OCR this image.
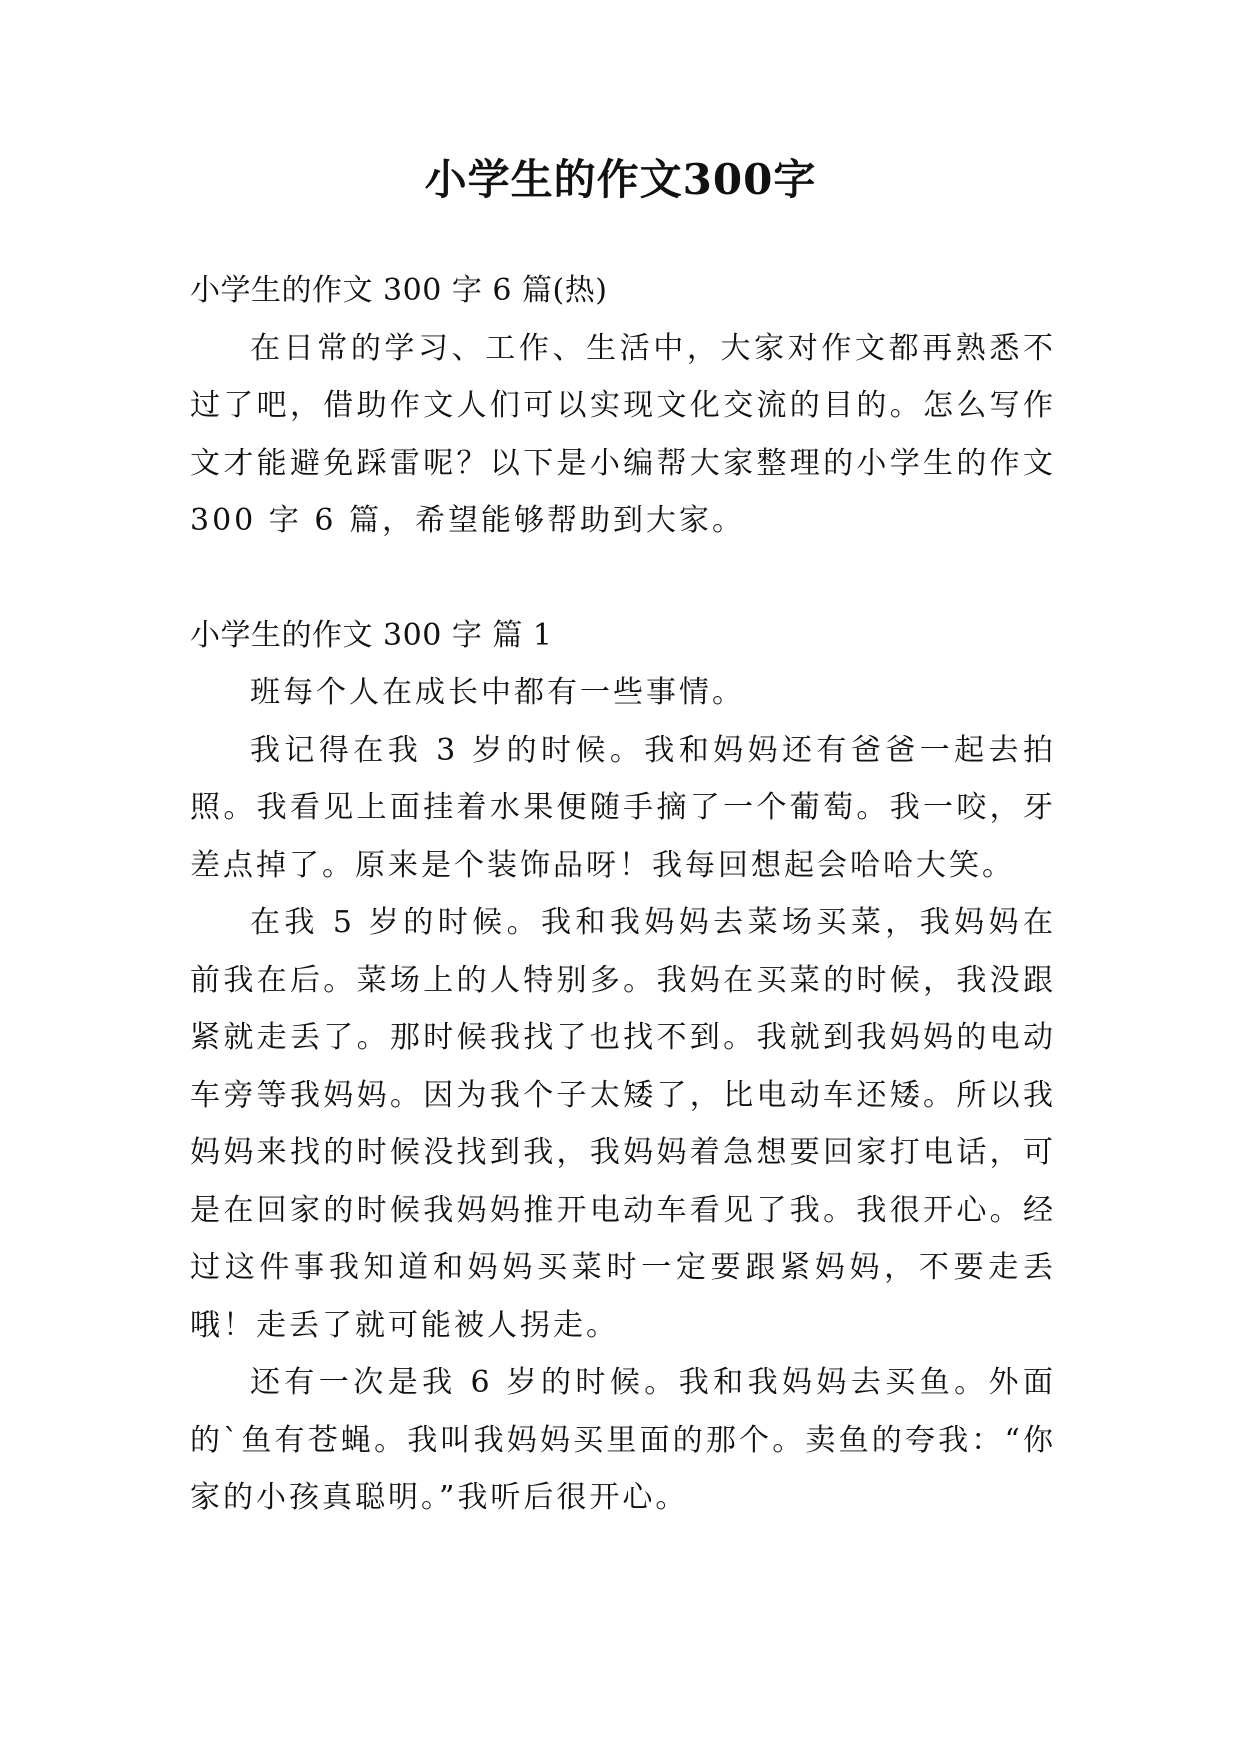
小学生的作文300字

小学生的作文 300 字 6 篇(热)

在日常的学习、工作、生活中，大家对作文都再熟悉不过了吧，借助作文人们可以实现文化交流的目的。怎么写作文才能避免踩雷呢？以下是小编帮大家整理的小学生的作文 300 字 6 篇，希望能够帮助到大家。

小学生的作文 300 字 篇 1

班每个人在成长中都有一些事情。

我记得在我 3 岁的时候。我和妈妈还有爸爸一起去拍照。我看见上面挂着水果便随手摘了一个葡萄。我一咬，牙差点掉了。原来是个装饰品呀！我每回想起会哈哈大笑。

在我 5 岁的时候。我和我妈妈去菜场买菜，我妈妈在前我在后。菜场上的人特别多。我妈在买菜的时候，我没跟紧就走丢了。那时候我找了也找不到。我就到我妈妈的电动车旁等我妈妈。因为我个子太矮了，比电动车还矮。所以我妈妈来找的时候没找到我，我妈妈着急想要回家打电话，可是在回家的时候我妈妈推开电动车看见了我。我很开心。经过这件事我知道和妈妈买菜时一定要跟紧妈妈，不要走丢哦！走丢了就可能被人拐走。

还有一次是我 6 岁的时候。我和我妈妈去买鱼。外面的`鱼有苍蝇。我叫我妈妈买里面的那个。卖鱼的夸我：“你家的小孩真聪明。”我听后很开心。
